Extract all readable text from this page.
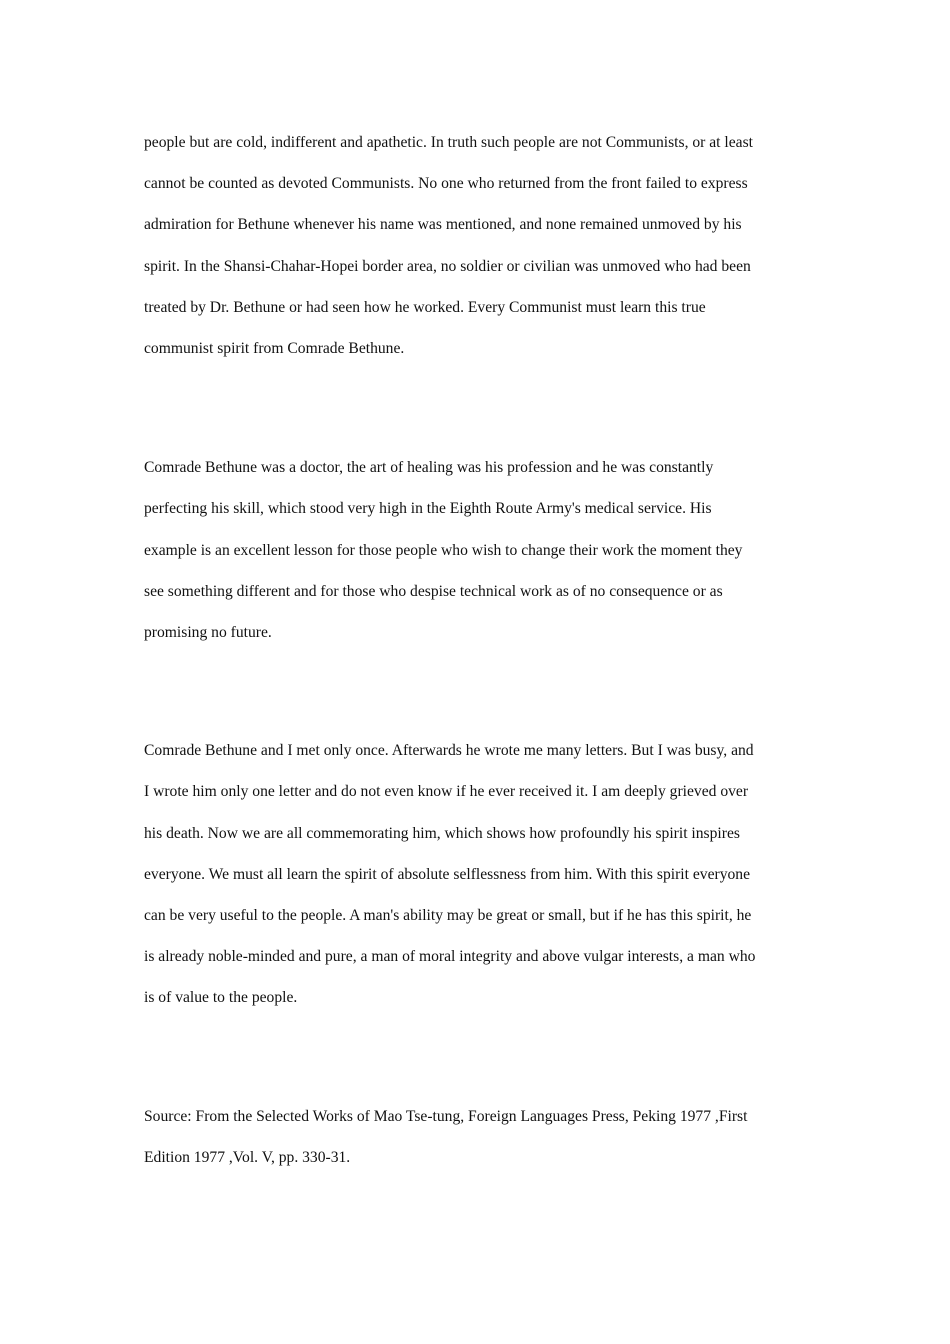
people but are cold, indifferent and apathetic. In truth such people are not Communists, or at least
cannot be counted as devoted Communists. No one who returned from the front failed to express
admiration for Bethune whenever his name was mentioned, and none remained unmoved by his
spirit. In the Shansi-Chahar-Hopei border area, no soldier or civilian was unmoved who had been
treated by Dr. Bethune or had seen how he worked. Every Communist must learn this true
communist spirit from Comrade Bethune.

Comrade Bethune was a doctor, the art of healing was his profession and he was constantly
perfecting his skill, which stood very high in the Eighth Route Army's medical service. His
example is an excellent lesson for those people who wish to change their work the moment they
see something different and for those who despise technical work as of no consequence or as
promising no future.

Comrade Bethune and I met only once. Afterwards he wrote me many letters. But I was busy, and
I wrote him only one letter and do not even know if he ever received it. I am deeply grieved over
his death. Now we are all commemorating him, which shows how profoundly his spirit inspires
everyone. We must all learn the spirit of absolute selflessness from him. With this spirit everyone
can be very useful to the people. A man's ability may be great or small, but if he has this spirit, he
is already noble-minded and pure, a man of moral integrity and above vulgar interests, a man who
is of value to the people.

Source: From the Selected Works of Mao Tse-tung, Foreign Languages Press, Peking 1977 ,First
Edition 1977 ,Vol. V, pp. 330-31.
